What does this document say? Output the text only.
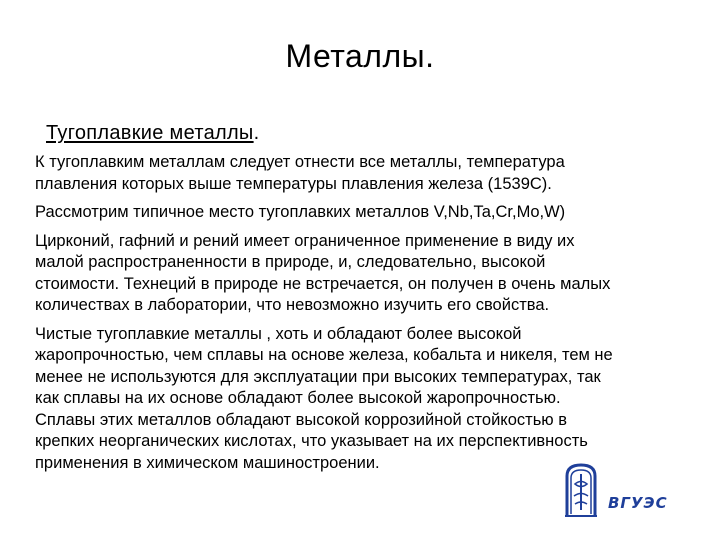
Металлы.
Тугоплавкие металлы.

К тугоплавким металлам следует отнести все металлы, температура
плавления которых выше температуры плавления железа (1539С).

Рассмотрим типичное место тугоплавких металлов V,Nb,Ta,Cr,Mo,W)

Цирконий, гафний и рений имеет ограниченное применение в виду их
малой распространенности в природе, и, следовательно, высокой
стоимости. Технеций в природе не встречается, он получен в очень малых
количествах в лаборатории, что невозможно изучить его свойства.

Чистые тугоплавкие металлы , хоть и обладают более высокой
жаропрочностью, чем сплавы на основе железа, кобальта и никеля, тем не
менее не используются для эксплуатации при высоких температурах, так
как сплавы на их основе обладают более высокой жаропрочностью.
Сплавы этих металлов обладают высокой коррозийной стойкостью в
крепких неорганических кислотах, что указывает на их перспективность
применения в химическом машиностроении.

ВГУЭС
